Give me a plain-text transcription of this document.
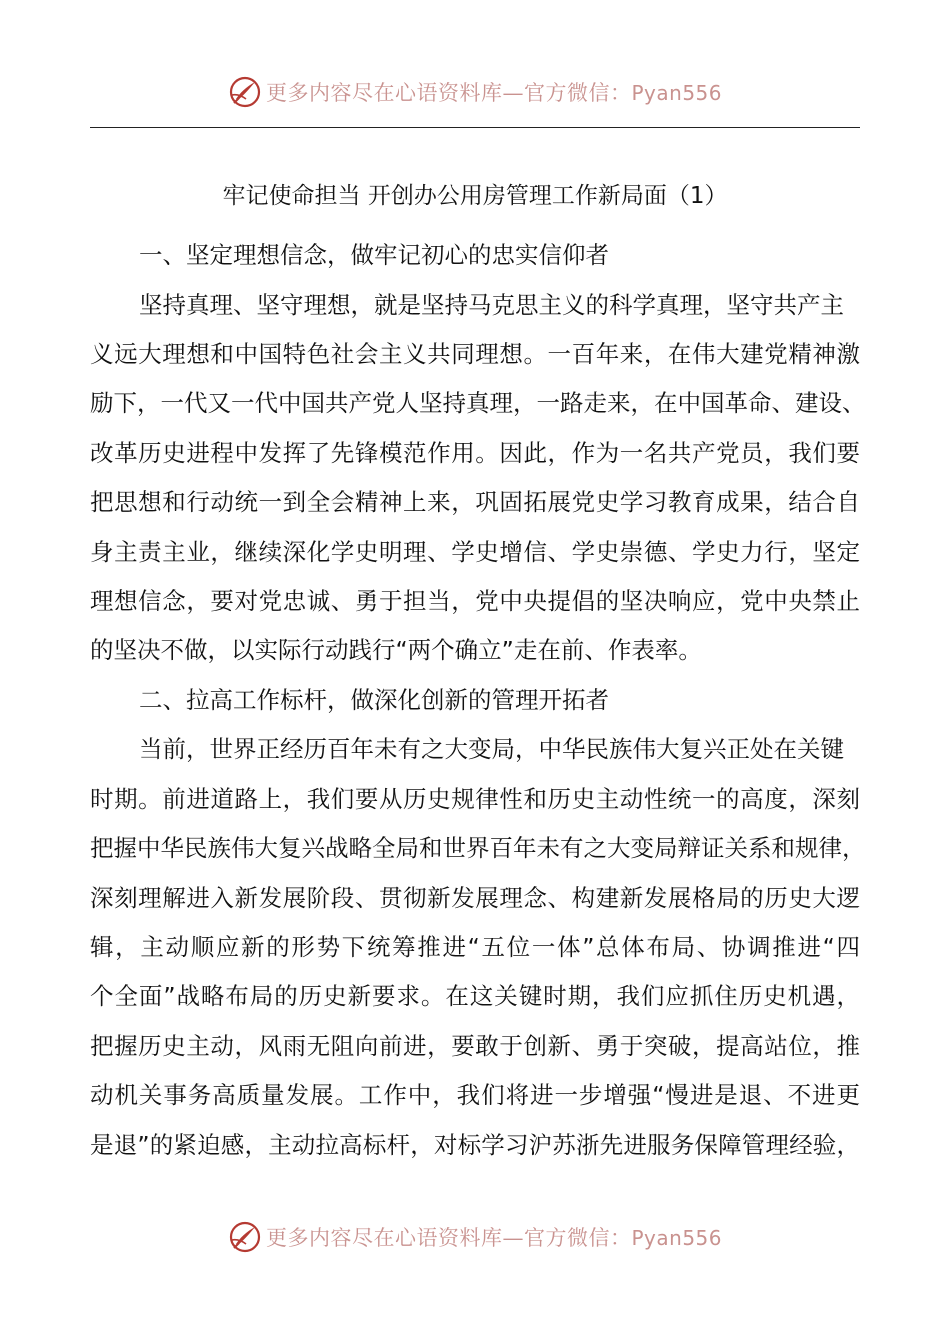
更多内容尽在心语资料库—官方微信：Pyan556
牢记使命担当 开创办公用房管理工作新局面（1）
一、坚定理想信念，做牢记初心的忠实信仰者
坚持真理、坚守理想，就是坚持马克思主义的科学真理，坚守共产主
义远大理想和中国特色社会主义共同理想。一百年来，在伟大建党精神激
励下，一代又一代中国共产党人坚持真理，一路走来，在中国革命、建设、
改革历史进程中发挥了先锋模范作用。因此，作为一名共产党员，我们要
把思想和行动统一到全会精神上来，巩固拓展党史学习教育成果，结合自
身主责主业，继续深化学史明理、学史增信、学史崇德、学史力行，坚定
理想信念，要对党忠诚、勇于担当，党中央提倡的坚决响应，党中央禁止
的坚决不做，以实际行动践行“两个确立”走在前、作表率。
二、拉高工作标杆，做深化创新的管理开拓者
当前，世界正经历百年未有之大变局，中华民族伟大复兴正处在关键
时期。前进道路上，我们要从历史规律性和历史主动性统一的高度，深刻
把握中华民族伟大复兴战略全局和世界百年未有之大变局辩证关系和规律，
深刻理解进入新发展阶段、贯彻新发展理念、构建新发展格局的历史大逻
辑，主动顺应新的形势下统筹推进“五位一体”总体布局、协调推进“四
个全面”战略布局的历史新要求。在这关键时期，我们应抓住历史机遇，
把握历史主动，风雨无阻向前进，要敢于创新、勇于突破，提高站位，推
动机关事务高质量发展。工作中，我们将进一步增强“慢进是退、不进更
是退”的紧迫感，主动拉高标杆，对标学习沪苏浙先进服务保障管理经验，
更多内容尽在心语资料库—官方微信：Pyan556
